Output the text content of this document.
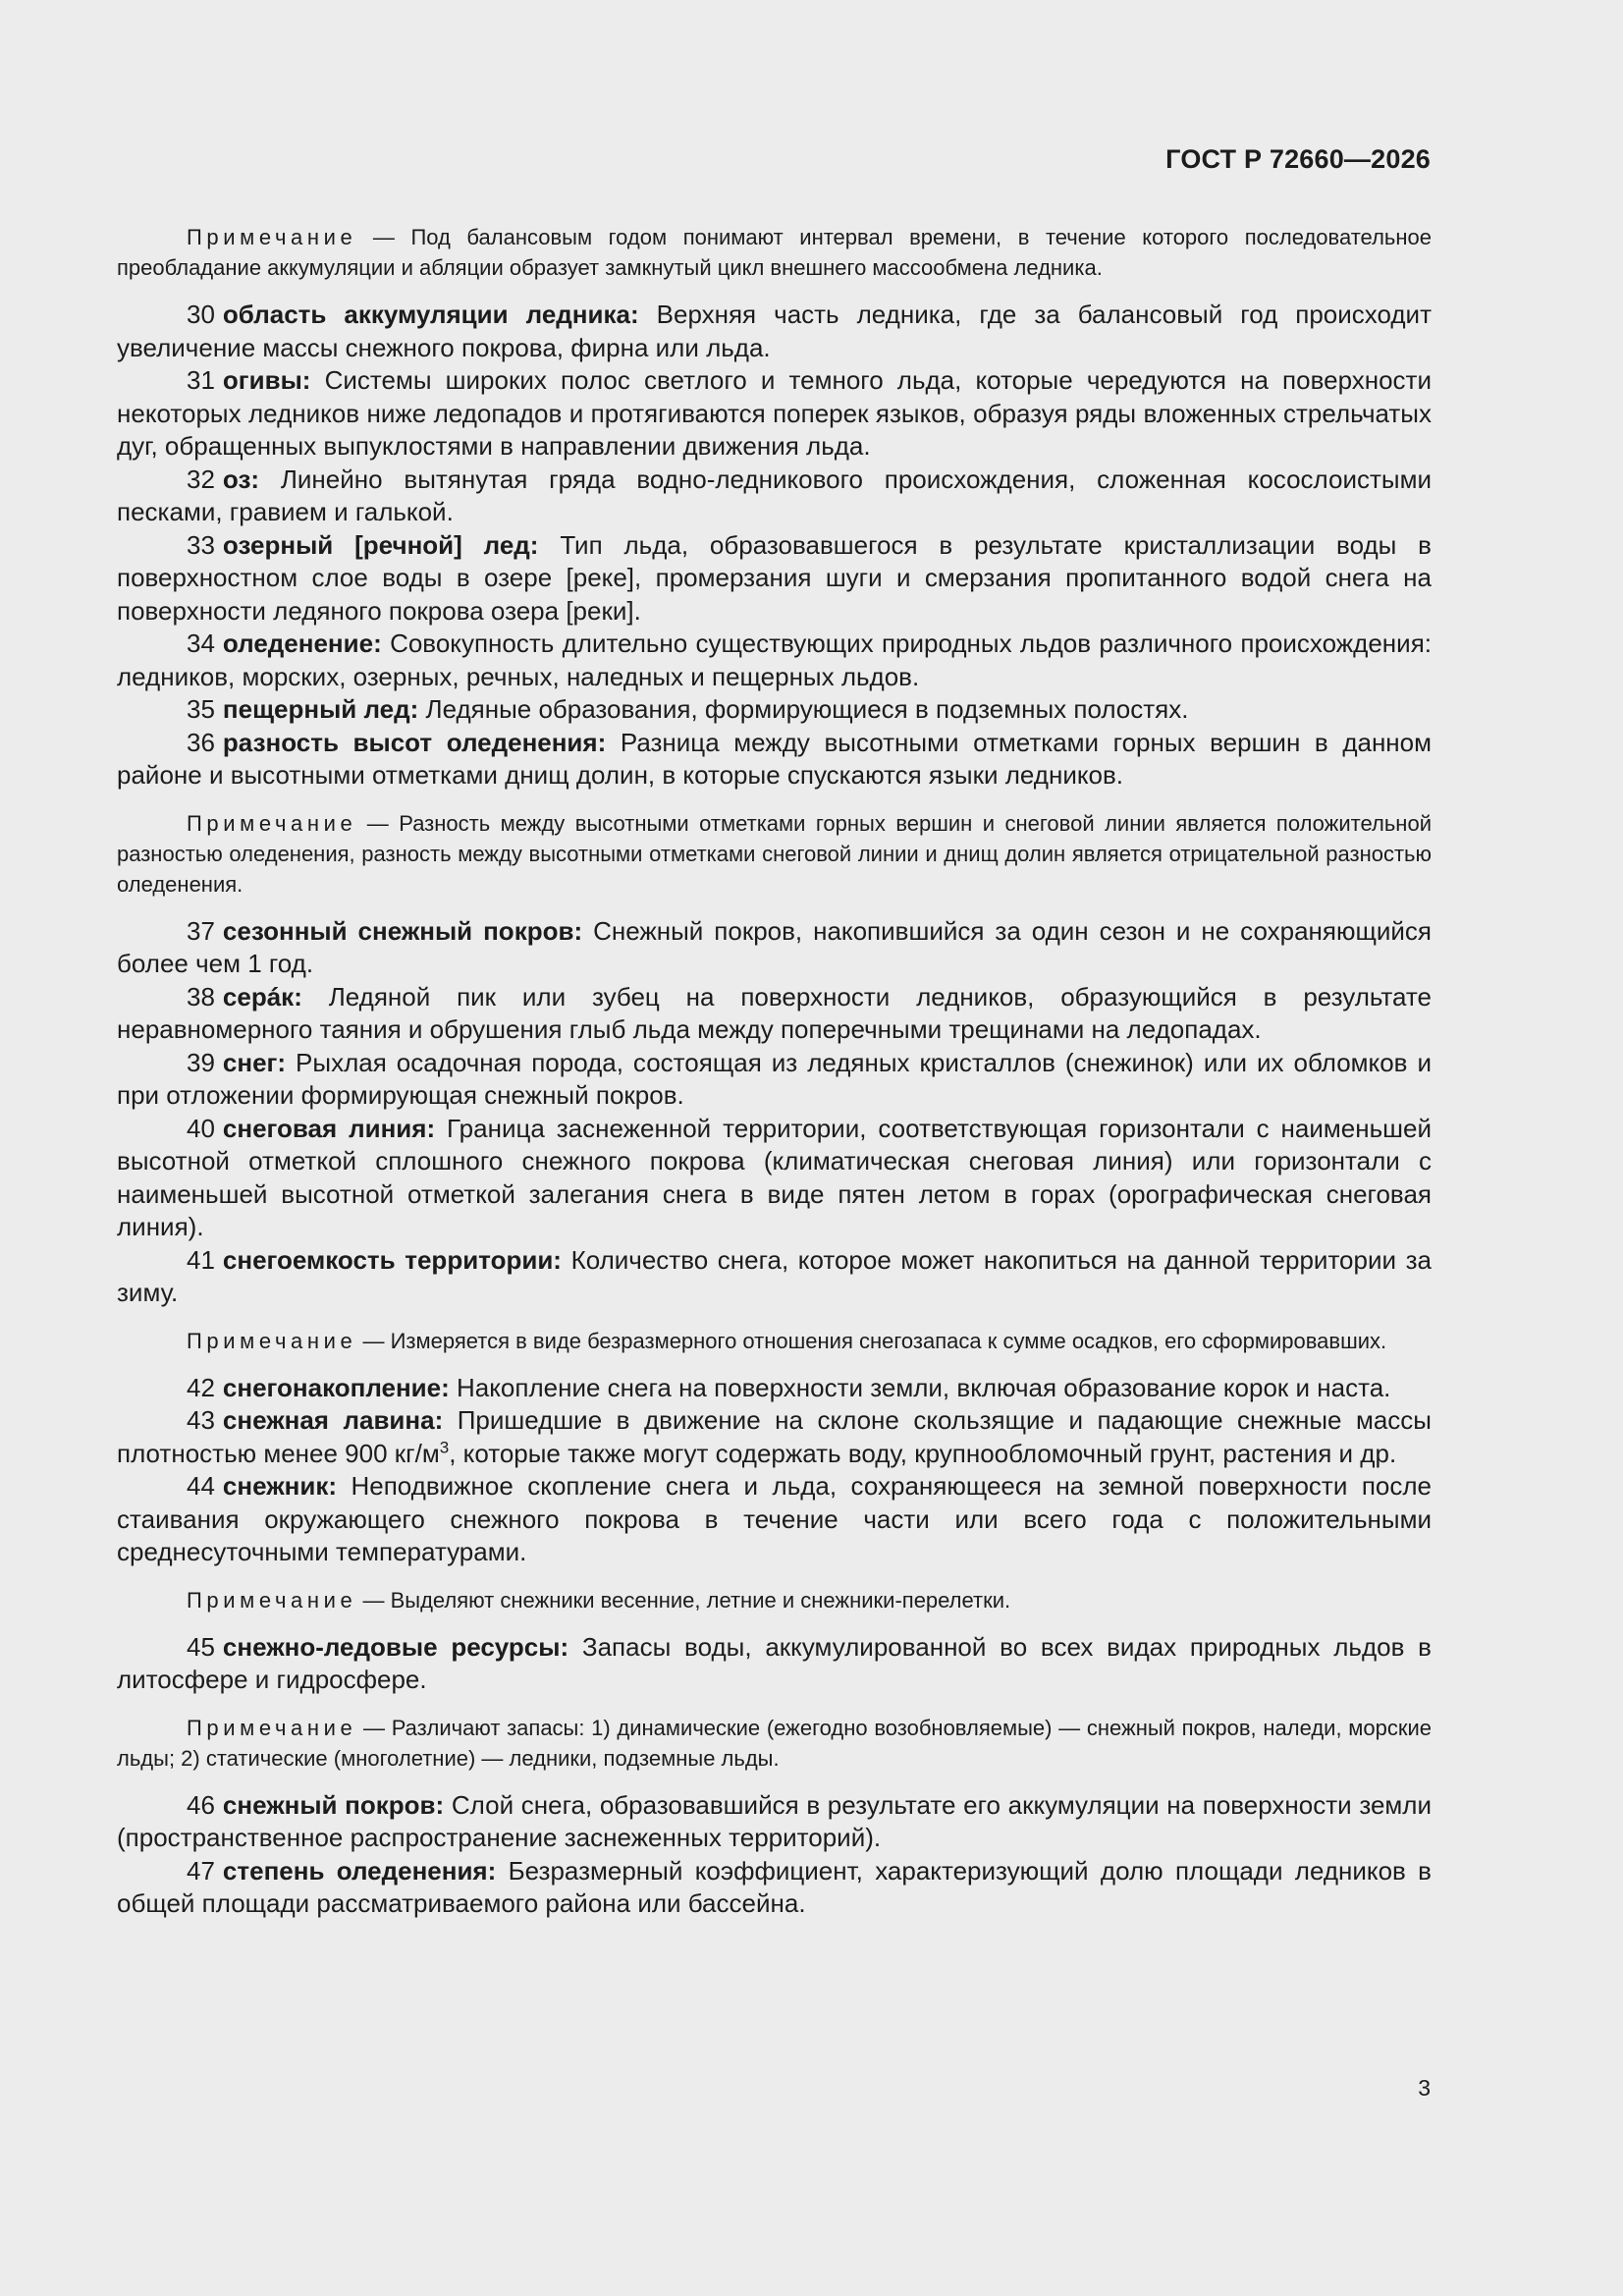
ГОСТ Р 72660—2026

Примечание — Под балансовым годом понимают интервал времени, в течение которого последовательное преобладание аккумуляции и абляции образует замкнутый цикл внешнего массообмена ледника.

30 область аккумуляции ледника: Верхняя часть ледника, где за балансовый год происходит увеличение массы снежного покрова, фирна или льда.

31 огивы: Системы широких полос светлого и темного льда, которые чередуются на поверхности некоторых ледников ниже ледопадов и протягиваются поперек языков, образуя ряды вложенных стрельчатых дуг, обращенных выпуклостями в направлении движения льда.

32 оз: Линейно вытянутая гряда водно-ледникового происхождения, сложенная косослоистыми песками, гравием и галькой.

33 озерный [речной] лед: Тип льда, образовавшегося в результате кристаллизации воды в поверхностном слое воды в озере [реке], промерзания шуги и смерзания пропитанного водой снега на поверхности ледяного покрова озера [реки].

34 оледенение: Совокупность длительно существующих природных льдов различного происхождения: ледников, морских, озерных, речных, наледных и пещерных льдов.

35 пещерный лед: Ледяные образования, формирующиеся в подземных полостях.

36 разность высот оледенения: Разница между высотными отметками горных вершин в данном районе и высотными отметками днищ долин, в которые спускаются языки ледников.

Примечание — Разность между высотными отметками горных вершин и снеговой линии является положительной разностью оледенения, разность между высотными отметками снеговой линии и днищ долин является отрицательной разностью оледенения.

37 сезонный снежный покров: Снежный покров, накопившийся за один сезон и не сохраняющийся более чем 1 год.

38 серáк: Ледяной пик или зубец на поверхности ледников, образующийся в результате неравномерного таяния и обрушения глыб льда между поперечными трещинами на ледопадах.

39 снег: Рыхлая осадочная порода, состоящая из ледяных кристаллов (снежинок) или их обломков и при отложении формирующая снежный покров.

40 снеговая линия: Граница заснеженной территории, соответствующая горизонтали с наименьшей высотной отметкой сплошного снежного покрова (климатическая снеговая линия) или горизонтали с наименьшей высотной отметкой залегания снега в виде пятен летом в горах (орографическая снеговая линия).

41 снегоемкость территории: Количество снега, которое может накопиться на данной территории за зиму.

Примечание — Измеряется в виде безразмерного отношения снегозапаса к сумме осадков, его сформировавших.

42 снегонакопление: Накопление снега на поверхности земли, включая образование корок и наста.

43 снежная лавина: Пришедшие в движение на склоне скользящие и падающие снежные массы плотностью менее 900 $кг/м^3$, которые также могут содержать воду, крупнообломочный грунт, растения и др.

44 снежник: Неподвижное скопление снега и льда, сохраняющееся на земной поверхности после стаивания окружающего снежного покрова в течение части или всего года с положительными среднесуточными температурами.

Примечание — Выделяют снежники весенние, летние и снежники-перелетки.

45 снежно-ледовые ресурсы: Запасы воды, аккумулированной во всех видах природных льдов в литосфере и гидросфере.

Примечание — Различают запасы: 1) динамические (ежегодно возобновляемые) — снежный покров, наледи, морские льды; 2) статические (многолетние) — ледники, подземные льды.

46 снежный покров: Слой снега, образовавшийся в результате его аккумуляции на поверхности земли (пространственное распространение заснеженных территорий).

47 степень оледенения: Безразмерный коэффициент, характеризующий долю площади ледников в общей площади рассматриваемого района или бассейна.

3
